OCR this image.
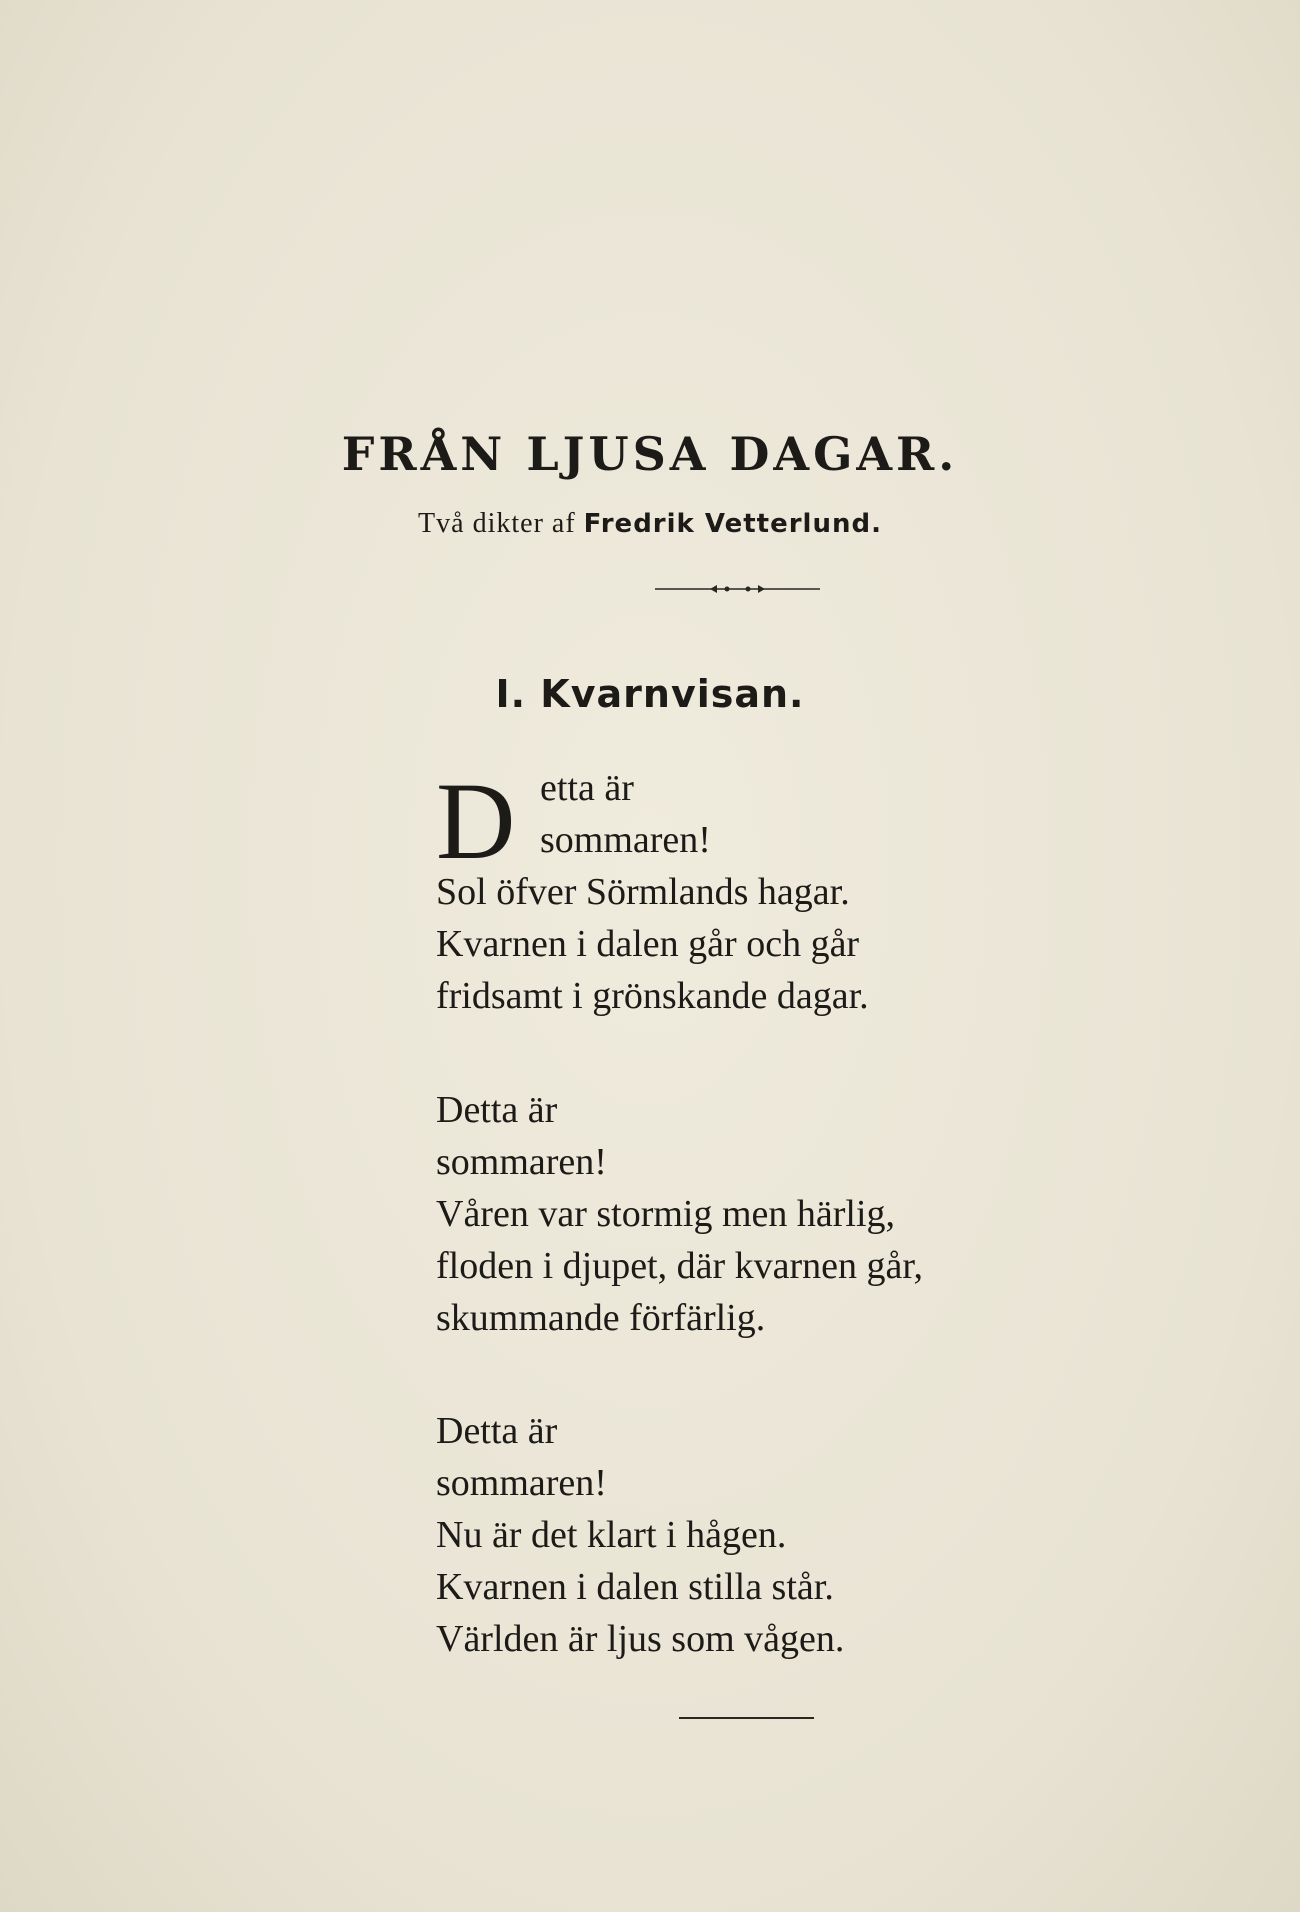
FRÅN LJUSA DAGAR.
Två dikter af Fredrik Vetterlund.
I. Kvarnvisan.
D etta är
sommaren!
Sol öfver Sörmlands hagar.
Kvarnen i dalen går och går
fridsamt i grönskande dagar.
Detta är
sommaren!
Våren var stormig men härlig,
floden i djupet, där kvarnen går,
skummande förfärlig.
Detta är
sommaren!
Nu är det klart i hågen.
Kvarnen i dalen stilla står.
Världen är ljus som vågen.
